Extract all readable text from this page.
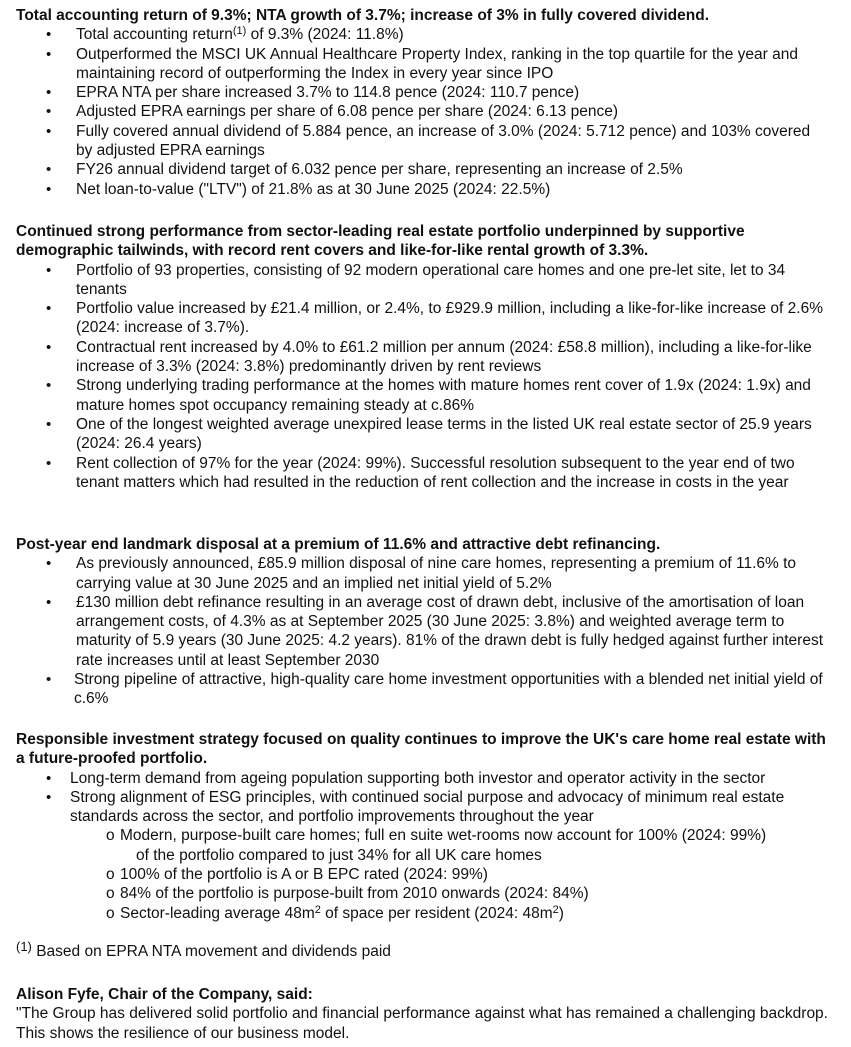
Total accounting return of 9.3%; NTA growth of 3.7%; increase of 3% in fully covered dividend.
• Total accounting return$^{(1)}$ of 9.3% (2024: 11.8%)
• Outperformed the MSCI UK Annual Healthcare Property Index, ranking in the top quartile for the year and maintaining record of outperforming the Index in every year since IPO
• EPRA NTA per share increased 3.7% to 114.8 pence (2024: 110.7 pence)
• Adjusted EPRA earnings per share of 6.08 pence per share (2024: 6.13 pence)
• Fully covered annual dividend of 5.884 pence, an increase of 3.0% (2024: 5.712 pence) and 103% covered by adjusted EPRA earnings
• FY26 annual dividend target of 6.032 pence per share, representing an increase of 2.5%
• Net loan-to-value ("LTV") of 21.8% as at 30 June 2025 (2024: 22.5%)
Continued strong performance from sector-leading real estate portfolio underpinned by supportive demographic tailwinds, with record rent covers and like-for-like rental growth of 3.3%.
• Portfolio of 93 properties, consisting of 92 modern operational care homes and one pre-let site, let to 34 tenants
• Portfolio value increased by £21.4 million, or 2.4%, to £929.9 million, including a like-for-like increase of 2.6% (2024: increase of 3.7%).
• Contractual rent increased by 4.0% to £61.2 million per annum (2024: £58.8 million), including a like-for-like increase of 3.3% (2024: 3.8%) predominantly driven by rent reviews
• Strong underlying trading performance at the homes with mature homes rent cover of 1.9x (2024: 1.9x) and mature homes spot occupancy remaining steady at c.86%
• One of the longest weighted average unexpired lease terms in the listed UK real estate sector of 25.9 years (2024: 26.4 years)
• Rent collection of 97% for the year (2024: 99%). Successful resolution subsequent to the year end of two tenant matters which had resulted in the reduction of rent collection and the increase in costs in the year
Post-year end landmark disposal at a premium of 11.6% and attractive debt refinancing.
• As previously announced, £85.9 million disposal of nine care homes, representing a premium of 11.6% to carrying value at 30 June 2025 and an implied net initial yield of 5.2%
• £130 million debt refinance resulting in an average cost of drawn debt, inclusive of the amortisation of loan arrangement costs, of 4.3% as at September 2025 (30 June 2025: 3.8%) and weighted average term to maturity of 5.9 years (30 June 2025: 4.2 years). 81% of the drawn debt is fully hedged against further interest rate increases until at least September 2030
• Strong pipeline of attractive, high-quality care home investment opportunities with a blended net initial yield of c.6%
Responsible investment strategy focused on quality continues to improve the UK's care home real estate with a future-proofed portfolio.
• Long-term demand from ageing population supporting both investor and operator activity in the sector
• Strong alignment of ESG principles, with continued social purpose and advocacy of minimum real estate standards across the sector, and portfolio improvements throughout the year
o Modern, purpose-built care homes; full en suite wet-rooms now account for 100% (2024: 99%)
of the portfolio compared to just 34% for all UK care homes
o 100% of the portfolio is A or B EPC rated (2024: 99%)
o 84% of the portfolio is purpose-built from 2010 onwards (2024: 84%)
o Sector-leading average $48m^2$ of space per resident (2024: $48m^2$)
$^{(1)}$ Based on EPRA NTA movement and dividends paid

Alison Fyfe, Chair of the Company, said:

"The Group has delivered solid portfolio and financial performance against what has remained a challenging backdrop. This shows the resilience of our business model.
